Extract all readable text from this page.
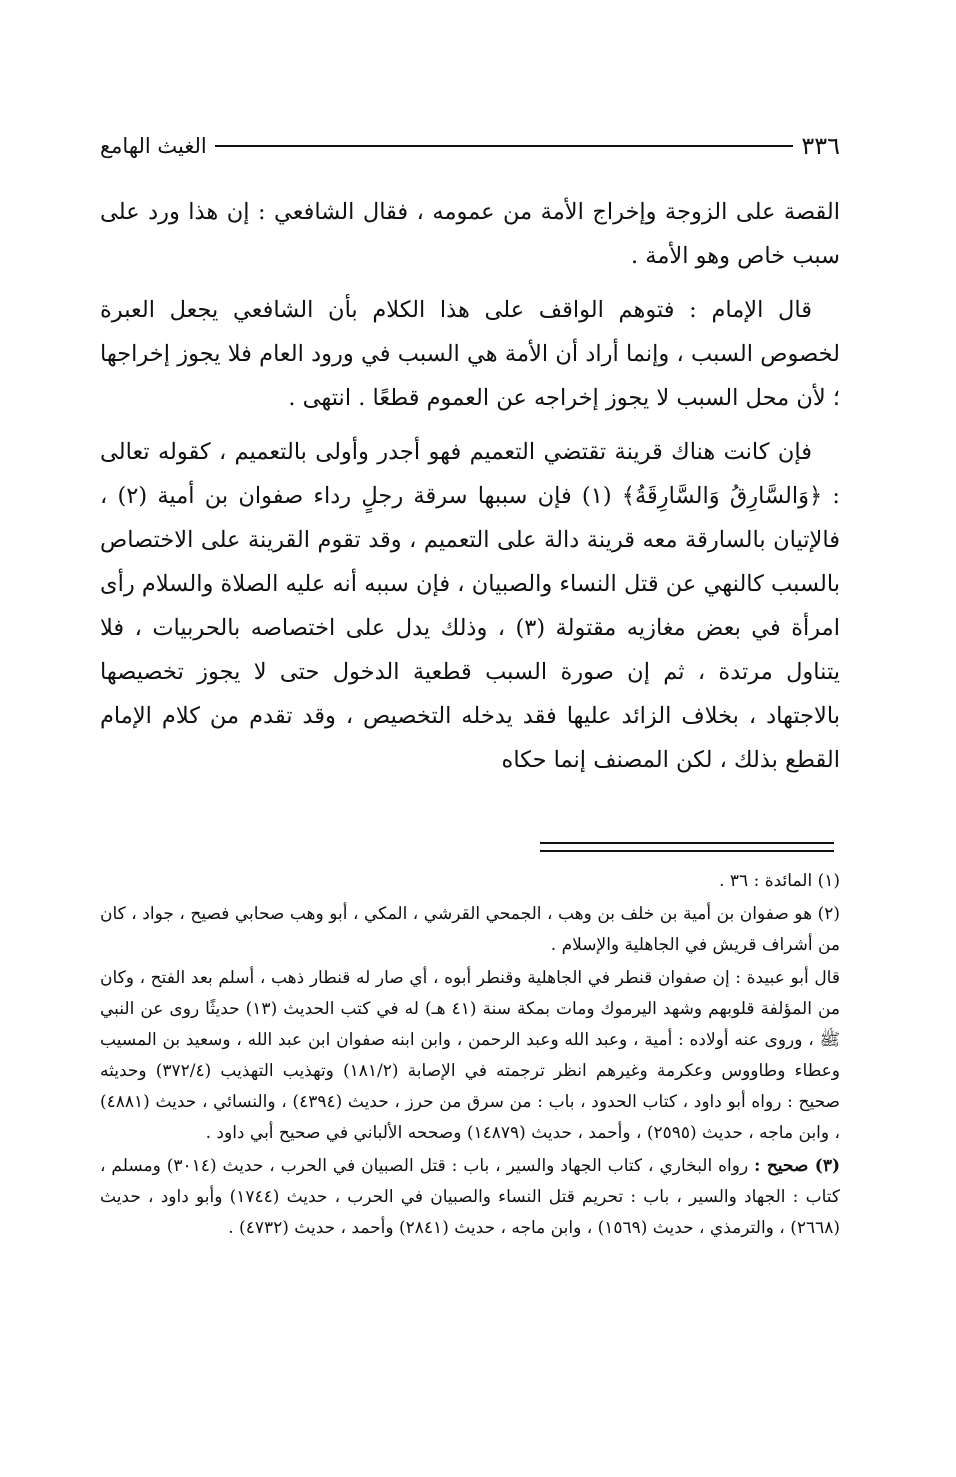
٣٣٦
الغيث الهامع

القصة على الزوجة وإخراج الأمة من عمومه ، فقال الشافعي : إن هذا ورد على سبب خاص وهو الأمة .

قال الإمام : فتوهم الواقف على هذا الكلام بأن الشافعي يجعل العبرة لخصوص السبب ، وإنما أراد أن الأمة هي السبب في ورود العام فلا يجوز إخراجها ؛ لأن محل السبب لا يجوز إخراجه عن العموم قطعًا . انتهى .

فإن كانت هناك قرينة تقتضي التعميم فهو أجدر وأولى بالتعميم ، كقوله تعالى : ﴿وَالسَّارِقُ وَالسَّارِقَةُ﴾ (١) فإن سببها سرقة رجلٍ رداء صفوان بن أمية (٢) ، فالإتيان بالسارقة معه قرينة دالة على التعميم ، وقد تقوم القرينة على الاختصاص بالسبب كالنهي عن قتل النساء والصبيان ، فإن سببه أنه عليه الصلاة والسلام رأى امرأة في بعض مغازيه مقتولة (٣) ، وذلك يدل على اختصاصه بالحربيات ، فلا يتناول مرتدة ، ثم إن صورة السبب قطعية الدخول حتى لا يجوز تخصيصها بالاجتهاد ، بخلاف الزائد عليها فقد يدخله التخصيص ، وقد تقدم من كلام الإمام القطع بذلك ، لكن المصنف إنما حكاه

(١) المائدة : ٣٦ .

(٢) هو صفوان بن أمية بن خلف بن وهب ، الجمحي القرشي ، المكي ، أبو وهب صحابي فصيح ، جواد ، كان من أشراف قريش في الجاهلية والإسلام .

قال أبو عبيدة : إن صفوان قنطر في الجاهلية وقنطر أبوه ، أي صار له قنطار ذهب ، أسلم بعد الفتح ، وكان من المؤلفة قلوبهم وشهد اليرموك ومات بمكة سنة (٤١ هـ) له في كتب الحديث (١٣) حديثًا روى عن النبي ﷺ ، وروى عنه أولاده : أمية ، وعبد الله وعبد الرحمن ، وابن ابنه صفوان ابن عبد الله ، وسعيد بن المسيب وعطاء وطاووس وعكرمة وغيرهم انظر ترجمته في الإصابة (١٨١/٢) وتهذيب التهذيب (٣٧٢/٤) وحديثه صحيح : رواه أبو داود ، كتاب الحدود ، باب : من سرق من حرز ، حديث (٤٣٩٤) ، والنسائي ، حديث (٤٨٨١) ، وابن ماجه ، حديث (٢٥٩٥) ، وأحمد ، حديث (١٤٨٧٩) وصححه الألباني في صحيح أبي داود .

(٣) صحيح : رواه البخاري ، كتاب الجهاد والسير ، باب : قتل الصبيان في الحرب ، حديث (٣٠١٤) ومسلم ، كتاب : الجهاد والسير ، باب : تحريم قتل النساء والصبيان في الحرب ، حديث (١٧٤٤) وأبو داود ، حديث (٢٦٦٨) ، والترمذي ، حديث (١٥٦٩) ، وابن ماجه ، حديث (٢٨٤١) وأحمد ، حديث (٤٧٣٢) .
